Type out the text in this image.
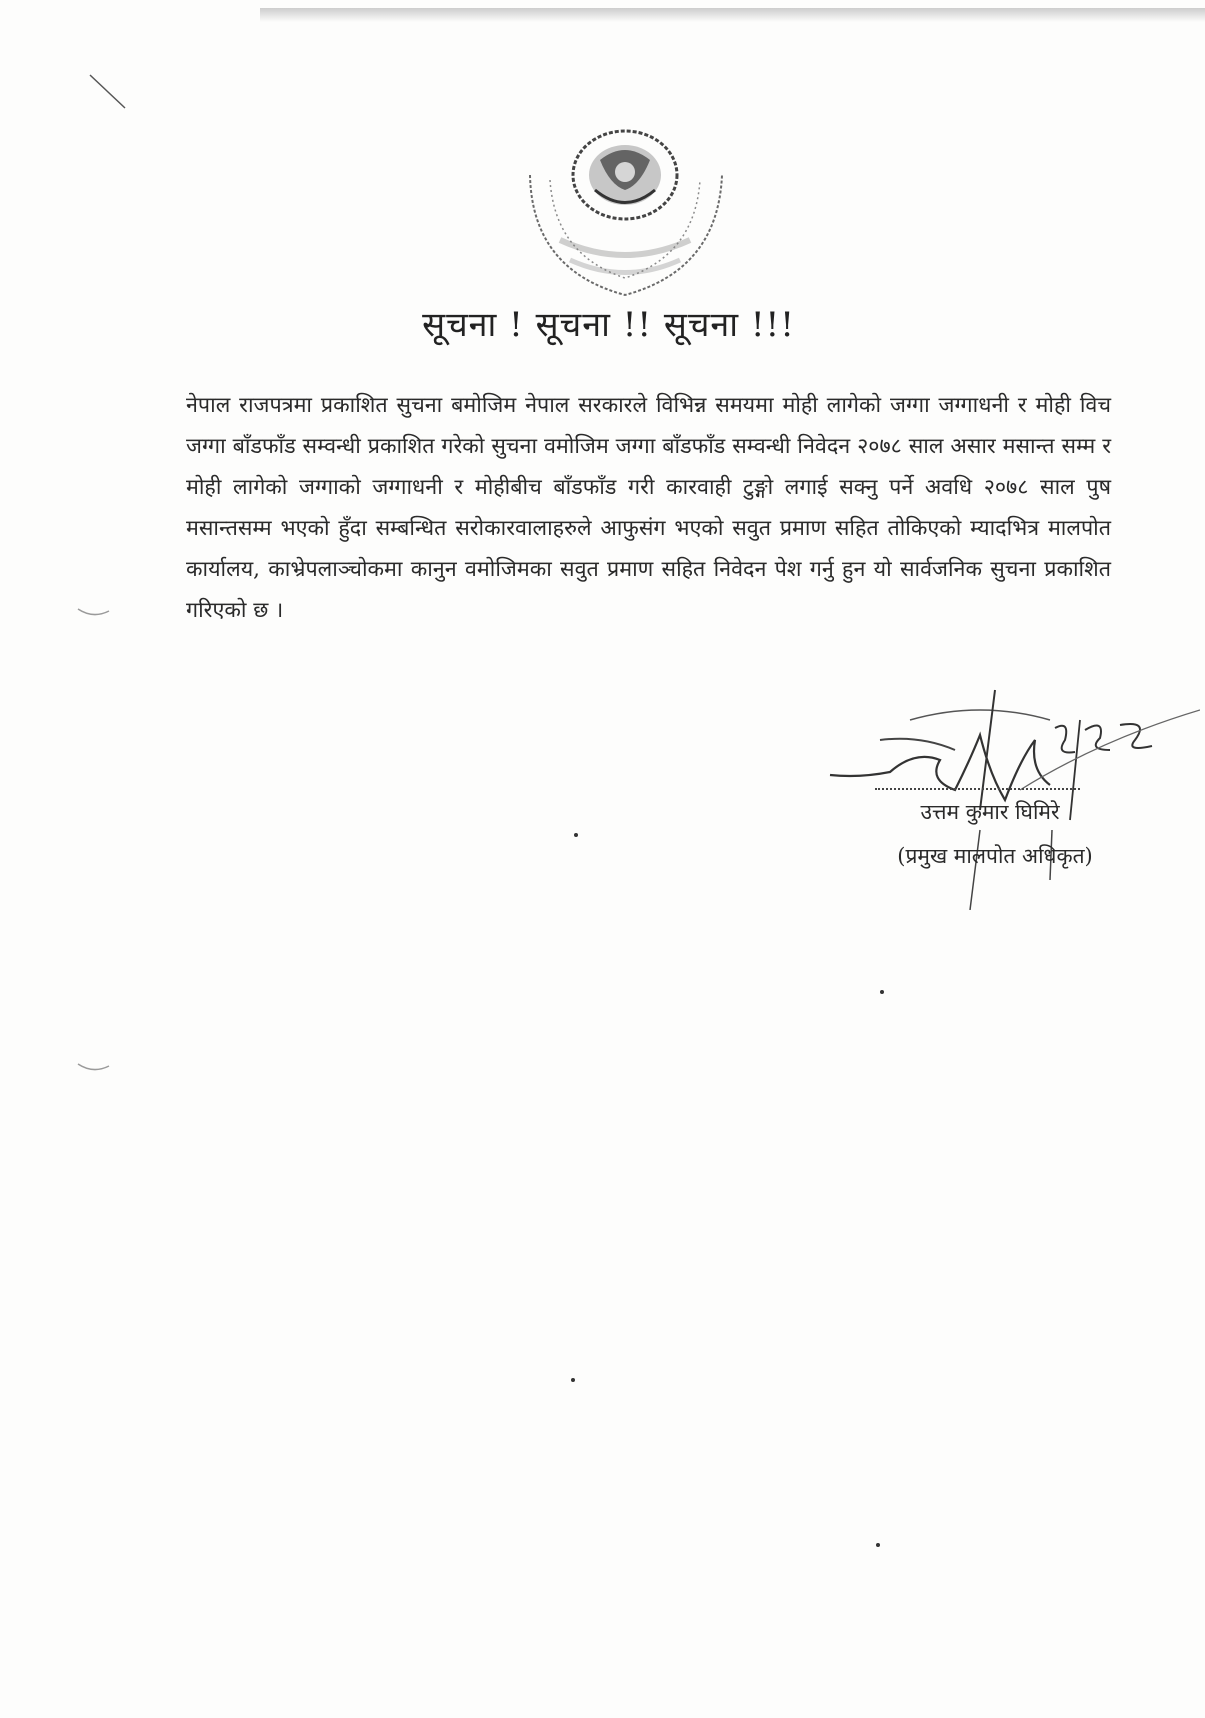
सूचना ! सूचना !! सूचना !!!
नेपाल राजपत्रमा प्रकाशित सुचना बमोजिम नेपाल सरकारले विभिन्न समयमा मोही लागेको जग्गा जग्गाधनी र मोही विच जग्गा बाँडफाँड सम्वन्धी प्रकाशित गरेको सुचना वमोजिम जग्गा बाँडफाँड सम्वन्धी निवेदन २०७८ साल असार मसान्त सम्म र मोही लागेको जग्गाको जग्गाधनी र मोहीबीच बाँडफाँड गरी कारवाही टुङ्गो लगाई सक्नु पर्ने अवधि २०७८ साल पुष मसान्तसम्म भएको हुँदा सम्बन्धित सरोकारवालाहरुले आफुसंग भएको सवुत प्रमाण सहित तोकिएको म्यादभित्र मालपोत कार्यालय, काभ्रेपलाञ्चोकमा कानुन वमोजिमका सवुत प्रमाण सहित निवेदन पेश गर्नु हुन यो सार्वजनिक सुचना प्रकाशित गरिएको छ ।
उत्तम कुमार घिमिरे
(प्रमुख मालपोत अधिकृत)
